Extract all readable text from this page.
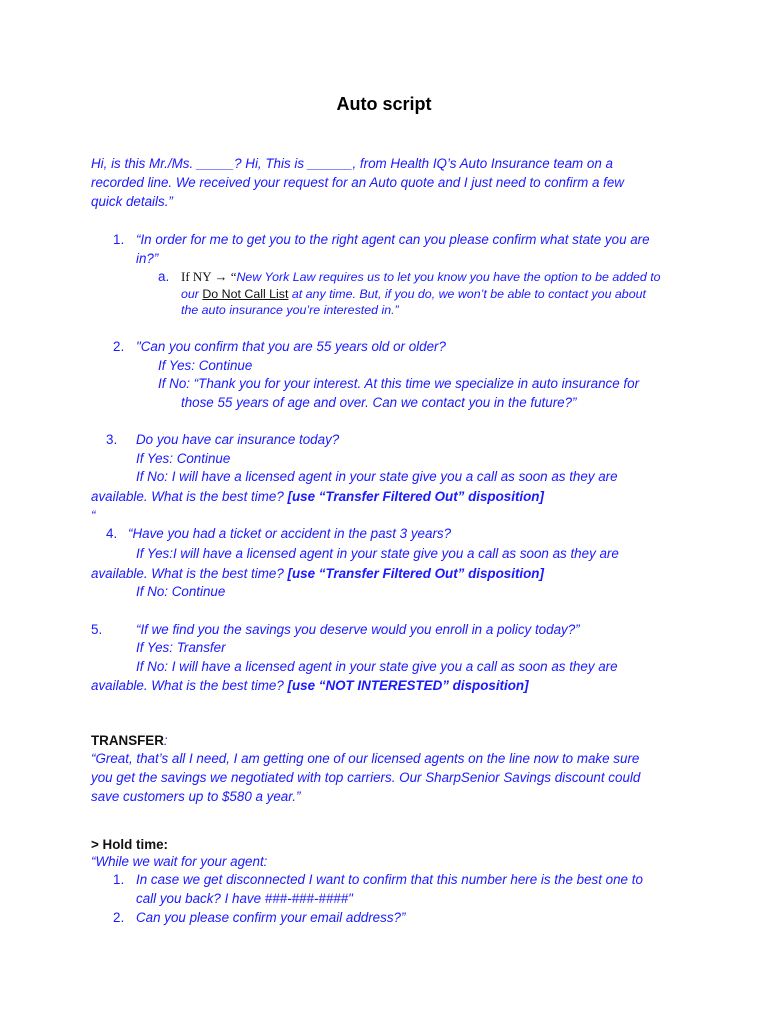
Auto script
Hi, is this Mr./Ms. _____? Hi, This is ______, from Health IQ’s Auto Insurance team on a
recorded line. We received your request for an Auto quote and I just need to confirm a few
quick details.”
1. “In order for me to get you to the right agent can you please confirm what state you are
in?”
a. If NY → “New York Law requires us to let you know you have the option to be added to
our Do Not Call List at any time. But, if you do, we won’t be able to contact you about
the auto insurance you’re interested in.”
2. "Can you confirm that you are 55 years old or older?
If Yes: Continue
If No: “Thank you for your interest. At this time we specialize in auto insurance for
those 55 years of age and over. Can we contact you in the future?”
3. Do you have car insurance today?
If Yes: Continue
If No: I will have a licensed agent in your state give you a call as soon as they are
available. What is the best time? [use “Transfer Filtered Out” disposition]
“
4. “Have you had a ticket or accident in the past 3 years?
If Yes:I will have a licensed agent in your state give you a call as soon as they are
available. What is the best time? [use “Transfer Filtered Out” disposition]
If No: Continue
5.	“If we find you the savings you deserve would you enroll in a policy today?”
If Yes: Transfer
If No: I will have a licensed agent in your state give you a call as soon as they are
available. What is the best time? [use “NOT INTERESTED” disposition]
TRANSFER:
“Great, that’s all I need, I am getting one of our licensed agents on the line now to make sure
you get the savings we negotiated with top carriers. Our SharpSenior Savings discount could
save customers up to $580 a year.”
> Hold time:
“While we wait for your agent:
1. In case we get disconnected I want to confirm that this number here is the best one to
call you back? I have ###-###-####"
2. Can you please confirm your email address?”
